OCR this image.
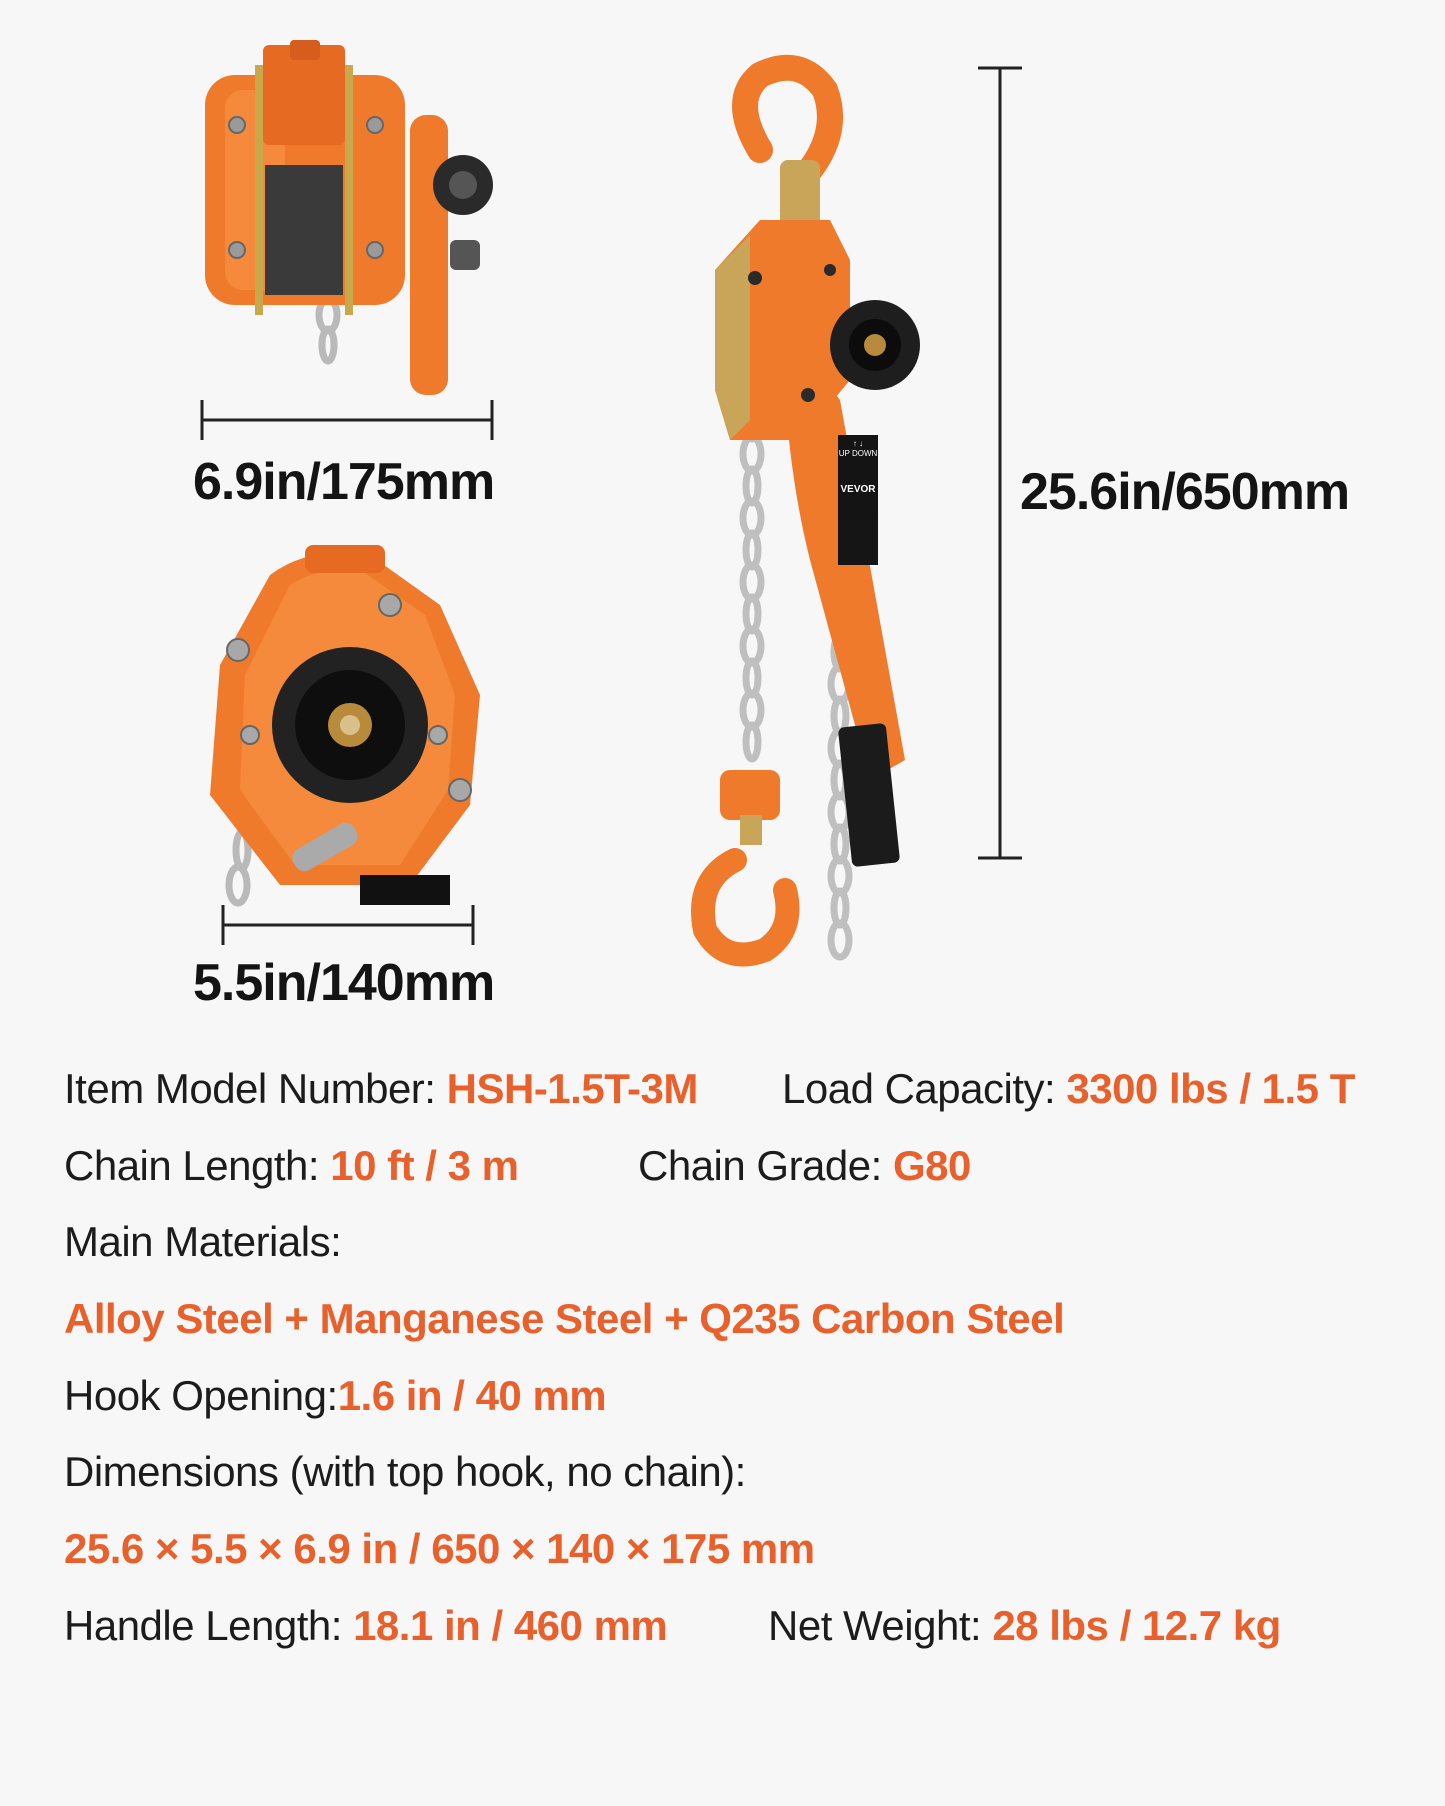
6.9in/175mm
5.5in/140mm
↑ ↓
UP DOWN
VEVOR	25.6in/650mm
Item Model Number: HSH-1.5T-3M Load Capacity: 3300 lbs / 1.5 T
Chain Length: 10 ft / 3 m	Chain Grade: G80
Main Materials:
Alloy Steel + Manganese Steel + Q235 Carbon Steel
Hook Opening:1.6 in / 40 mm
Dimensions (with top hook, no chain):
25.6 × 5.5 × 6.9 in / 650 × 140 × 175 mm
Handle Length: 18.1 in / 460 mm Net Weight: 28 lbs / 12.7 kg
